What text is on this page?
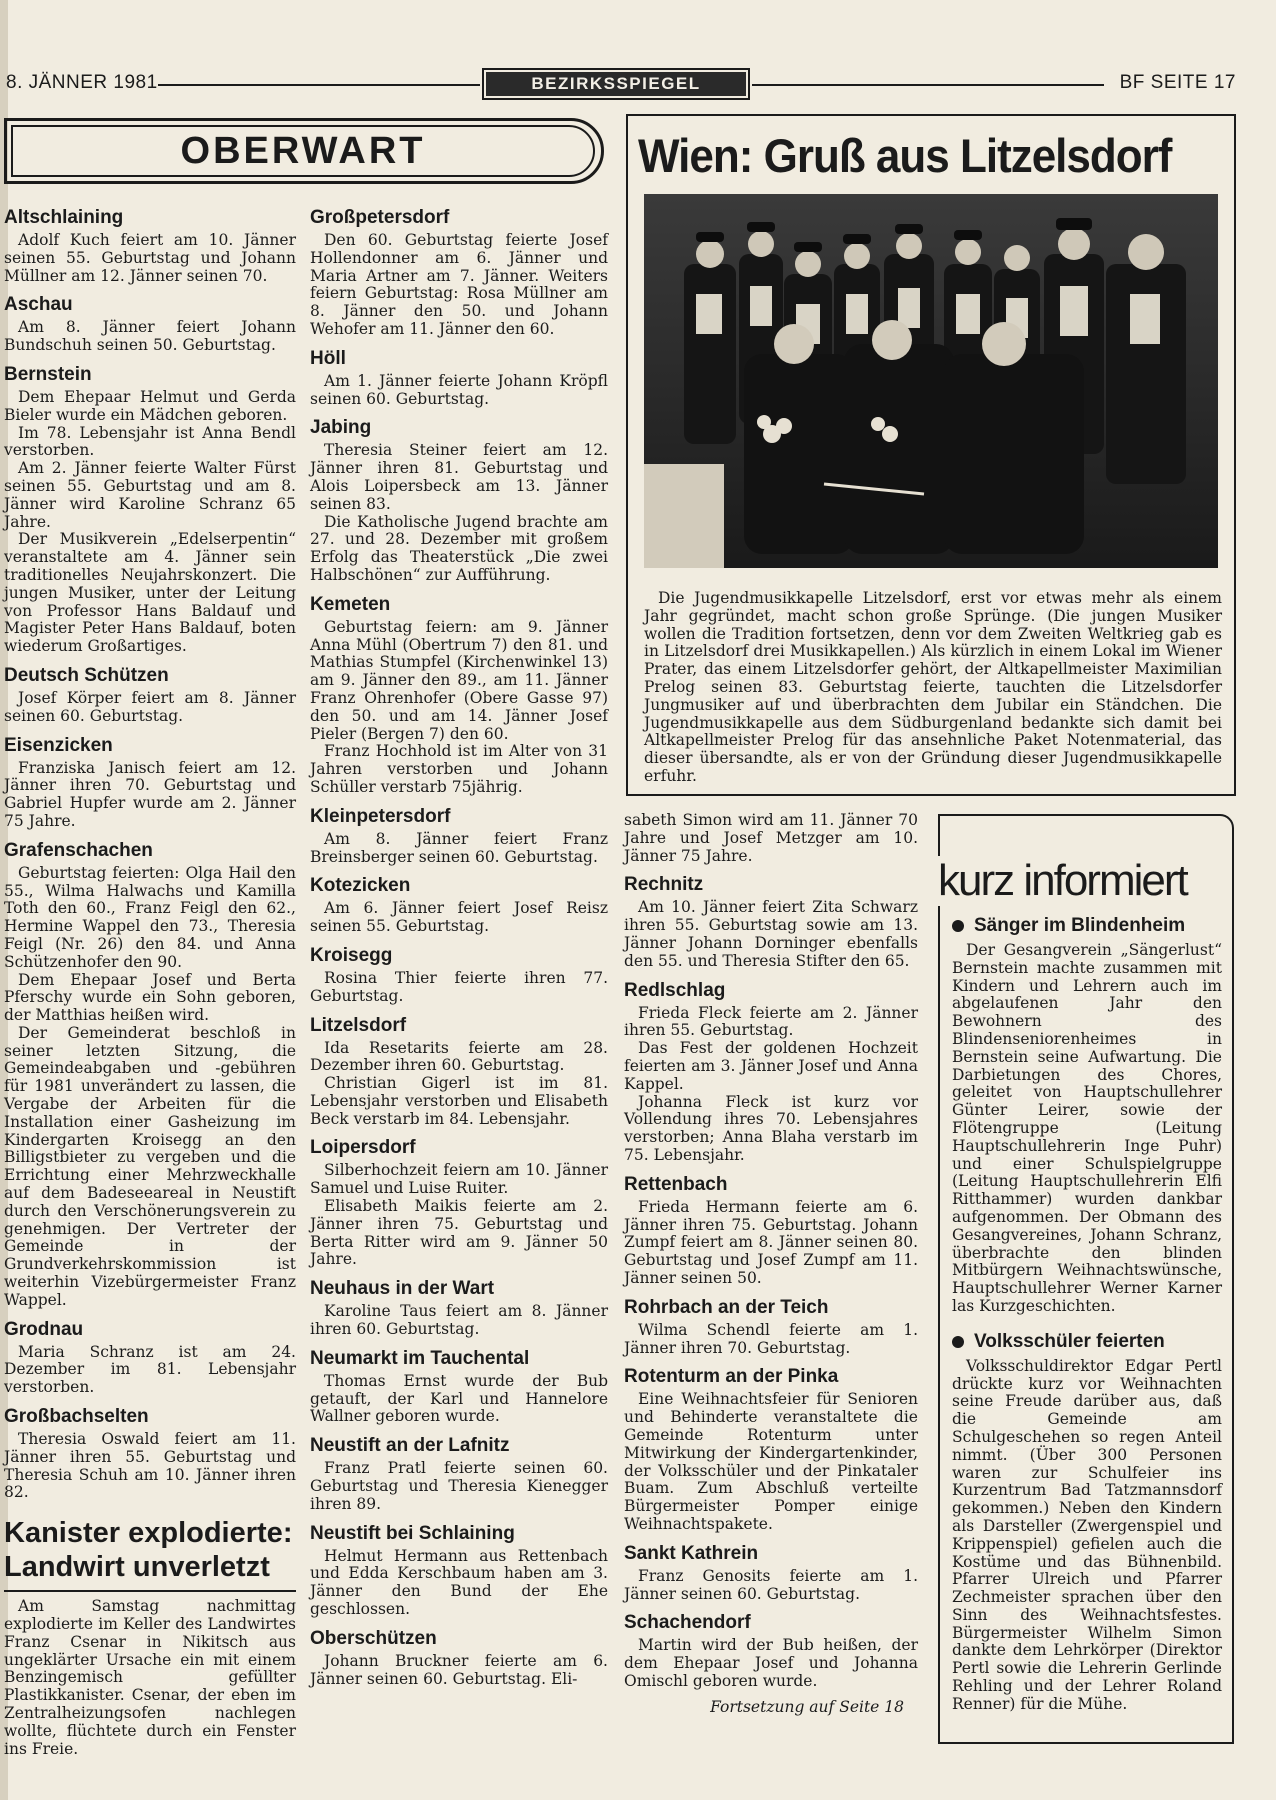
8. JÄNNER 1981	BEZIRKSSPIEGEL	BF SEITE 17
OBERWART
Altschlaining

Adolf Kuch feiert am 10. Jänner seinen 55. Geburtstag und Johann Müllner am 12. Jänner seinen 70.

Aschau

Am 8. Jänner feiert Johann Bundschuh seinen 50. Geburtstag.

Bernstein

Dem Ehepaar Helmut und Gerda Bieler wurde ein Mädchen geboren.

Im 78. Lebensjahr ist Anna Bendl verstorben.

Am 2. Jänner feierte Walter Fürst seinen 55. Geburtstag und am 8. Jänner wird Karoline Schranz 65 Jahre.

Der Musikverein „Edelserpentin“ veranstaltete am 4. Jänner sein traditionelles Neujahrskonzert. Die jungen Musiker, unter der Leitung von Professor Hans Baldauf und Magister Peter Hans Baldauf, boten wiederum Großartiges.

Deutsch Schützen

Josef Körper feiert am 8. Jänner seinen 60. Geburtstag.

Eisenzicken

Franziska Janisch feiert am 12. Jänner ihren 70. Geburtstag und Gabriel Hupfer wurde am 2. Jänner 75 Jahre.

Grafenschachen

Geburtstag feierten: Olga Hail den 55., Wilma Halwachs und Kamilla Toth den 60., Franz Feigl den 62., Hermine Wappel den 73., Theresia Feigl (Nr. 26) den 84. und Anna Schützenhofer den 90.

Dem Ehepaar Josef und Berta Pferschy wurde ein Sohn geboren, der Matthias heißen wird.

Der Gemeinderat beschloß in seiner letzten Sitzung, die Gemeindeabgaben und -gebühren für 1981 unverändert zu lassen, die Vergabe der Arbeiten für die Installation einer Gasheizung im Kindergarten Kroisegg an den Billigstbieter zu vergeben und die Errichtung einer Mehrzweckhalle auf dem Badeseeareal in Neustift durch den Verschönerungsverein zu genehmigen. Der Vertreter der Gemeinde in der Grundverkehrskommission ist weiterhin Vizebürgermeister Franz Wappel.

Grodnau

Maria Schranz ist am 24. Dezember im 81. Lebensjahr verstorben.

Großbachselten

Theresia Oswald feiert am 11. Jänner ihren 55. Geburtstag und Theresia Schuh am 10. Jänner ihren 82.

Kanister explodierte: Landwirt unverletzt

Am Samstag nachmittag explodierte im Keller des Landwirtes Franz Csenar in Nikitsch aus ungeklärter Ursache ein mit einem Benzingemisch gefüllter Plastikkanister. Csenar, der eben im Zentralheizungsofen nachlegen wollte, flüchtete durch ein Fenster ins Freie.

Großpetersdorf

Den 60. Geburtstag feierte Josef Hollendonner am 6. Jänner und Maria Artner am 7. Jänner. Weiters feiern Geburtstag: Rosa Müllner am 8. Jänner den 50. und Johann Wehofer am 11. Jänner den 60.

Höll

Am 1. Jänner feierte Johann Kröpfl seinen 60. Geburtstag.

Jabing

Theresia Steiner feiert am 12. Jänner ihren 81. Geburtstag und Alois Loipersbeck am 13. Jänner seinen 83.

Die Katholische Jugend brachte am 27. und 28. Dezember mit großem Erfolg das Theaterstück „Die zwei Halbschönen“ zur Aufführung.

Kemeten

Geburtstag feiern: am 9. Jänner Anna Mühl (Obertrum 7) den 81. und Mathias Stumpfel (Kirchenwinkel 13) am 9. Jänner den 89., am 11. Jänner Franz Ohrenhofer (Obere Gasse 97) den 50. und am 14. Jänner Josef Pieler (Bergen 7) den 60.

Franz Hochhold ist im Alter von 31 Jahren verstorben und Johann Schüller verstarb 75jährig.

Kleinpetersdorf

Am 8. Jänner feiert Franz Breinsberger seinen 60. Geburtstag.

Kotezicken

Am 6. Jänner feiert Josef Reisz seinen 55. Geburtstag.

Kroisegg

Rosina Thier feierte ihren 77. Geburtstag.

Litzelsdorf

Ida Resetarits feierte am 28. Dezember ihren 60. Geburtstag.

Christian Gigerl ist im 81. Lebensjahr verstorben und Elisabeth Beck verstarb im 84. Lebensjahr.

Loipersdorf

Silberhochzeit feiern am 10. Jänner Samuel und Luise Ruiter.

Elisabeth Maikis feierte am 2. Jänner ihren 75. Geburtstag und Berta Ritter wird am 9. Jänner 50 Jahre.

Neuhaus in der Wart

Karoline Taus feiert am 8. Jänner ihren 60. Geburtstag.

Neumarkt im Tauchental

Thomas Ernst wurde der Bub getauft, der Karl und Hannelore Wallner geboren wurde.

Neustift an der Lafnitz

Franz Pratl feierte seinen 60. Geburtstag und Theresia Kienegger ihren 89.

Neustift bei Schlaining

Helmut Hermann aus Rettenbach und Edda Kerschbaum haben am 3. Jänner den Bund der Ehe geschlossen.

Oberschützen

Johann Bruckner feierte am 6. Jänner seinen 60. Geburtstag. Eli-

Wien: Gruß aus Litzelsdorf

Die Jugendmusikkapelle Litzelsdorf, erst vor etwas mehr als einem Jahr gegründet, macht schon große Sprünge. (Die jungen Musiker wollen die Tradition fortsetzen, denn vor dem Zweiten Weltkrieg gab es in Litzelsdorf drei Musikkapellen.) Als kürzlich in einem Lokal im Wiener Prater, das einem Litzelsdorfer gehört, der Altkapellmeister Maximilian Prelog seinen 83. Geburtstag feierte, tauchten die Litzelsdorfer Jungmusiker auf und überbrachten dem Jubilar ein Ständchen. Die Jugendmusikkapelle aus dem Südburgenland bedankte sich damit bei Altkapellmeister Prelog für das ansehnliche Paket Notenmaterial, das dieser übersandte, als er von der Gründung dieser Jugendmusikkapelle erfuhr.

sabeth Simon wird am 11. Jänner 70 Jahre und Josef Metzger am 10. Jänner 75 Jahre.

Rechnitz

Am 10. Jänner feiert Zita Schwarz ihren 55. Geburtstag sowie am 13. Jänner Johann Dorninger ebenfalls den 55. und Theresia Stifter den 65.

Redlschlag

Frieda Fleck feierte am 2. Jänner ihren 55. Geburtstag.

Das Fest der goldenen Hochzeit feierten am 3. Jänner Josef und Anna Kappel.

Johanna Fleck ist kurz vor Vollendung ihres 70. Lebensjahres verstorben; Anna Blaha verstarb im 75. Lebensjahr.

Rettenbach

Frieda Hermann feierte am 6. Jänner ihren 75. Geburtstag. Johann Zumpf feiert am 8. Jänner seinen 80. Geburtstag und Josef Zumpf am 11. Jänner seinen 50.

Rohrbach an der Teich

Wilma Schendl feierte am 1. Jänner ihren 70. Geburtstag.

Rotenturm an der Pinka

Eine Weihnachtsfeier für Senioren und Behinderte veranstaltete die Gemeinde Rotenturm unter Mitwirkung der Kindergartenkinder, der Volksschüler und der Pinkataler Buam. Zum Abschluß verteilte Bürgermeister Pomper einige Weihnachtspakete.

Sankt Kathrein

Franz Genosits feierte am 1. Jänner seinen 60. Geburtstag.

Schachendorf

Martin wird der Bub heißen, der dem Ehepaar Josef und Johanna Omischl geboren wurde.

Fortsetzung auf Seite 18
kurz informiert
Sänger im Blindenheim

Der Gesangverein „Sängerlust“ Bernstein machte zusammen mit Kindern und Lehrern auch im abgelaufenen Jahr den Bewohnern des Blindenseniorenheimes in Bernstein seine Aufwartung. Die Darbietungen des Chores, geleitet von Hauptschullehrer Günter Leirer, sowie der Flötengruppe (Leitung Hauptschullehrerin Inge Puhr) und einer Schulspielgruppe (Leitung Hauptschullehrerin Elfi Ritthammer) wurden dankbar aufgenommen. Der Obmann des Gesangvereines, Johann Schranz, überbrachte den blinden Mitbürgern Weihnachtswünsche, Hauptschullehrer Werner Karner las Kurzgeschichten.

Volksschüler feierten

Volksschuldirektor Edgar Pertl drückte kurz vor Weihnachten seine Freude darüber aus, daß die Gemeinde am Schulgeschehen so regen Anteil nimmt. (Über 300 Personen waren zur Schulfeier ins Kurzentrum Bad Tatzmannsdorf gekommen.) Neben den Kindern als Darsteller (Zwergenspiel und Krippenspiel) gefielen auch die Kostüme und das Bühnenbild. Pfarrer Ulreich und Pfarrer Zechmeister sprachen über den Sinn des Weihnachtsfestes. Bürgermeister Wilhelm Simon dankte dem Lehrkörper (Direktor Pertl sowie die Lehrerin Gerlinde Rehling und der Lehrer Roland Renner) für die Mühe.
